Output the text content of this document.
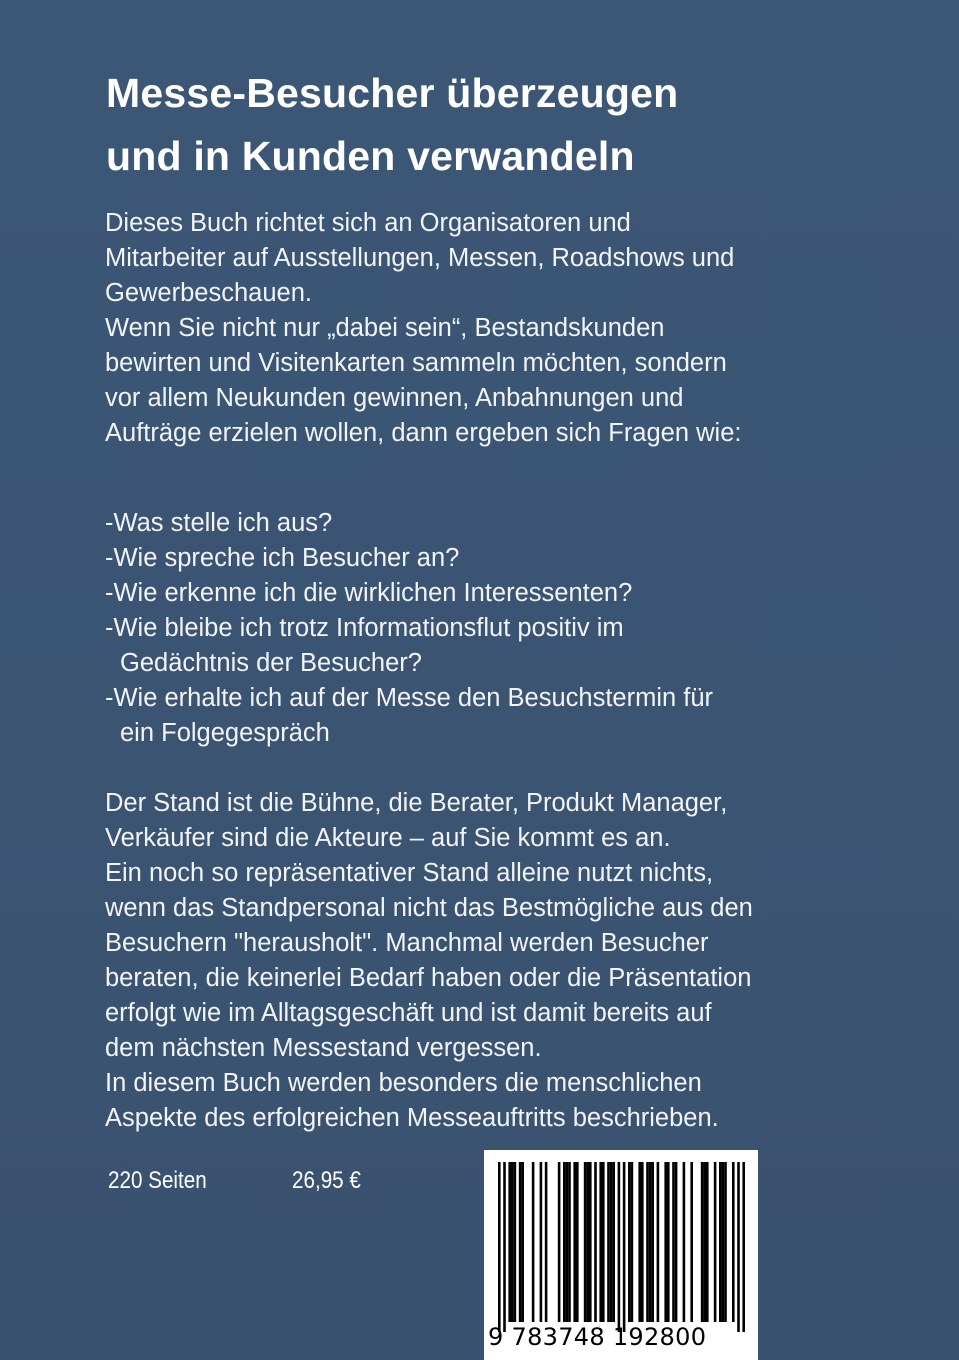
Messe-Besucher überzeugen
und in Kunden verwandeln

Dieses Buch richtet sich an Organisatoren und
Mitarbeiter auf Ausstellungen, Messen, Roadshows und
Gewerbeschauen.
Wenn Sie nicht nur „dabei sein“, Bestandskunden
bewirten und Visitenkarten sammeln möchten, sondern
vor allem Neukunden gewinnen, Anbahnungen und
Aufträge erzielen wollen, dann ergeben sich Fragen wie:

-Was stelle ich aus?
-Wie spreche ich Besucher an?
-Wie erkenne ich die wirklichen Interessenten?
-Wie bleibe ich trotz Informationsflut positiv im
Gedächtnis der Besucher?
-Wie erhalte ich auf der Messe den Besuchstermin für
ein Folgegespräch

Der Stand ist die Bühne, die Berater, Produkt Manager,
Verkäufer sind die Akteure – auf Sie kommt es an.
Ein noch so repräsentativer Stand alleine nutzt nichts,
wenn das Standpersonal nicht das Bestmögliche aus den
Besuchern "herausholt". Manchmal werden Besucher
beraten, die keinerlei Bedarf haben oder die Präsentation
erfolgt wie im Alltagsgeschäft und ist damit bereits auf
dem nächsten Messestand vergessen.
In diesem Buch werden besonders die menschlichen
Aspekte des erfolgreichen Messeauftritts beschrieben.

220 Seiten	26,95 €
9 783748 192800
